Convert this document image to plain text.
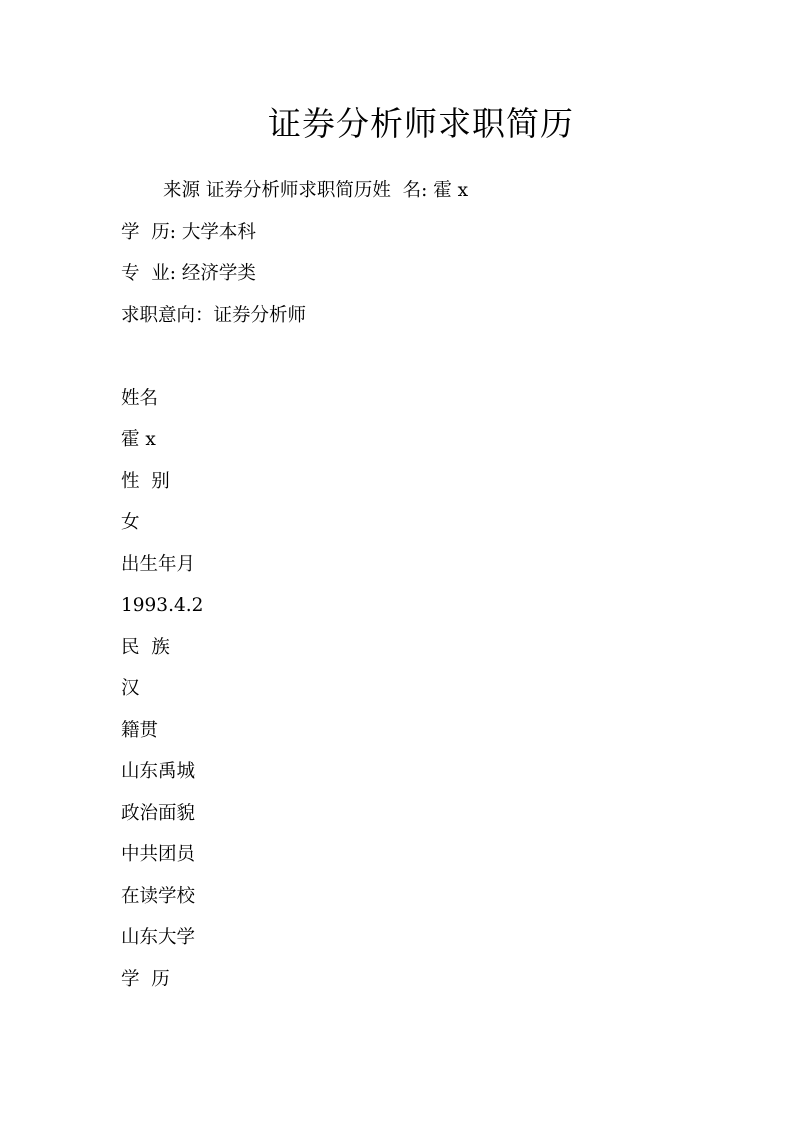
证券分析师求职简历
来源 证券分析师求职简历姓  名: 霍 x
学  历: 大学本科
专  业: 经济学类
求职意向：证券分析师
姓名
霍 x
性  别
女
出生年月
1993.4.2
民  族
汉
籍贯
山东禹城
政治面貌
中共团员
在读学校
山东大学
学  历
